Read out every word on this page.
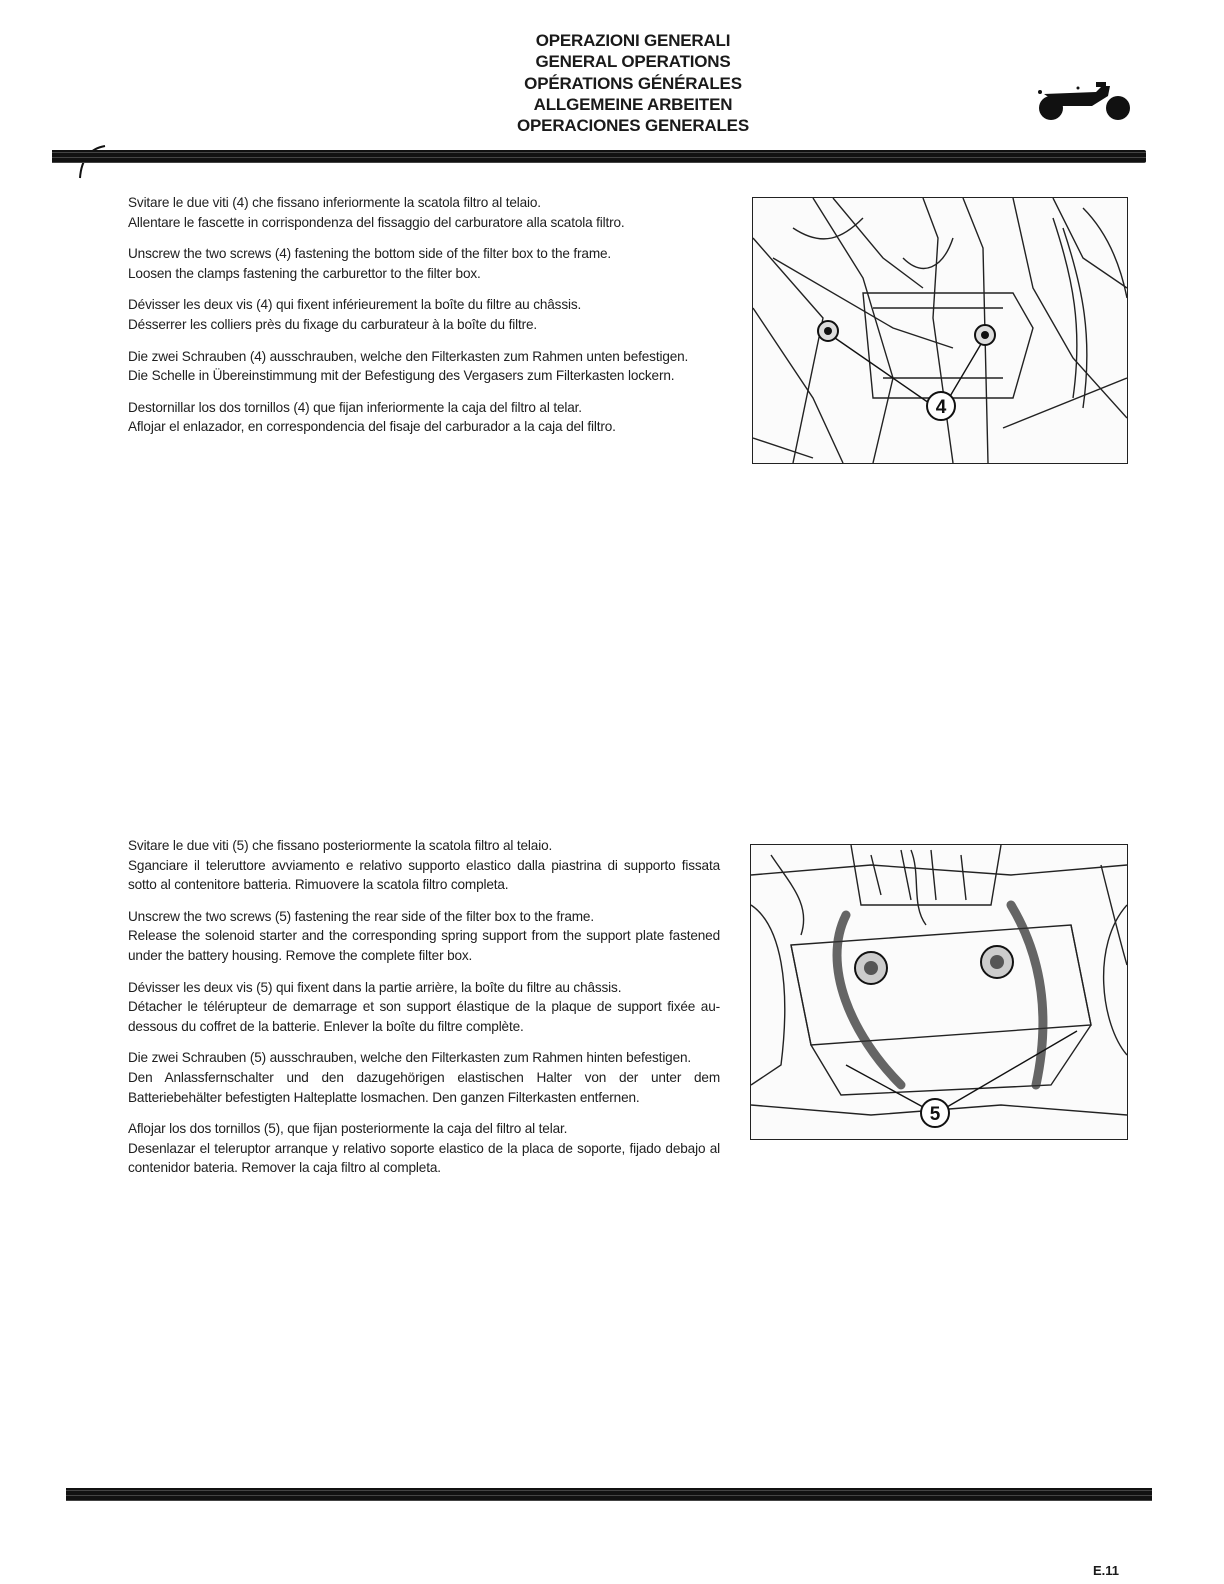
OPERAZIONI GENERALI
GENERAL OPERATIONS
OPÉRATIONS GÉNÉRALES
ALLGEMEINE ARBEITEN
OPERACIONES GENERALES

Svitare le due viti (4) che fissano inferiormente la scatola filtro al telaio.
Allentare le fascette in corrispondenza del fissaggio del carburatore alla scatola filtro.

Unscrew the two screws (4) fastening the bottom side of the filter box to the frame.
Loosen the clamps fastening the carburettor to the filter box.

Dévisser les deux vis (4) qui fixent inférieurement la boîte du filtre au châssis.
Désserrer les colliers près du fixage du carburateur à la boîte du filtre.

Die zwei Schrauben (4) ausschrauben, welche den Filterkasten zum Rahmen unten befestigen.
Die Schelle in Übereinstimmung mit der Befestigung des Vergasers zum Filterkasten lockern.

Destornillar los dos tornillos (4) que fijan inferiormente la caja del filtro al telar.
Aflojar el enlazador, en correspondencia del fisaje del carburador a la caja del filtro.

4

Svitare le due viti (5) che fissano posteriormente la scatola filtro al telaio.
Sganciare il teleruttore avviamento e relativo supporto elastico dalla piastrina di supporto fissata sotto al contenitore batteria. Rimuovere la scatola filtro completa.

Unscrew the two screws (5) fastening the rear side of the filter box to the frame.
Release the solenoid starter and the corresponding spring support from the support plate fastened under the battery housing. Remove the complete filter box.

Dévisser les deux vis (5) qui fixent dans la partie arrière, la boîte du filtre au châssis.
Détacher le télérupteur de demarrage et son support élastique de la plaque de support fixée au-dessous du coffret de la batterie. Enlever la boîte du filtre complète.

Die zwei Schrauben (5) ausschrauben, welche den Filterkasten zum Rahmen hinten befestigen.
Den Anlassfernschalter und den dazugehörigen elastischen Halter von der unter dem Batteriebehälter befestigten Halteplatte losmachen. Den ganzen Filterkasten entfernen.

Aflojar los dos tornillos (5), que fijan posteriormente la caja del filtro al telar.
Desenlazar el teleruptor arranque y relativo soporte elastico de la placa de soporte, fijado debajo al contenidor bateria. Remover la caja filtro al completa.

5
E.11
